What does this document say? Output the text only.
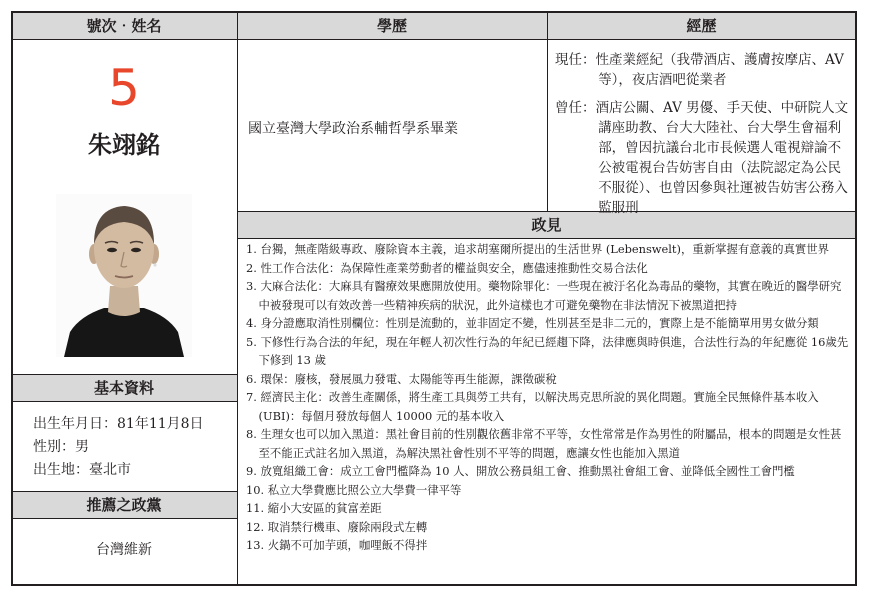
號次‧姓名	學歷	經歷
政見
基本資料
推薦之政黨
5
朱翊銘
出生年月日：81年11月8日
性別：男
出生地：臺北市
台灣維新
國立臺灣大學政治系輔哲學系畢業

現任：性產業經紀（我帶酒店、護膚按摩店、AV 等），夜店酒吧從業者

曾任：酒店公關、AV 男優、手天使、中研院人文講座助教、台大大陸社、台大學生會福利部，曾因抗議台北市長候選人電視辯論不公被電視台告妨害自由（法院認定為公民不服從）、也曾因參與社運被告妨害公務入監服刑

1. 台獨，無產階級專政、廢除資本主義，追求胡塞爾所提出的生活世界 (Lebenswelt)，重新掌握有意義的真實世界
2. 性工作合法化：為保障性產業勞動者的權益與安全，應儘速推動性交易合法化
3. 大麻合法化：大麻具有醫療效果應開放使用。藥物除罪化：一些現在被汙名化為毒品的藥物，其實在晚近的醫學研究中被發現可以有效改善一些精神疾病的狀況，此外這樣也才可避免藥物在非法情況下被黑道把持
4. 身分證應取消性別欄位：性別是流動的，並非固定不變，性別甚至是非二元的，實際上是不能簡單用男女做分類
5. 下修性行為合法的年紀，現在年輕人初次性行為的年紀已經趨下降，法律應與時俱進，合法性行為的年紀應從 16歲先下修到 13 歲
6. 環保：廢核，發展風力發電、太陽能等再生能源，課徵碳稅
7. 經濟民主化：改善生產關係，將生產工具與勞工共有，以解決馬克思所說的異化問題。實施全民無條件基本收入 (UBI)：每個月發放每個人 10000 元的基本收入
8. 生理女也可以加入黑道：黑社會目前的性別觀依舊非常不平等，女性常常是作為男性的附屬品，根本的問題是女性甚至不能正式註名加入黑道，為解決黑社會性別不平等的問題，應讓女性也能加入黑道
9. 放寬組織工會：成立工會門檻降為 10 人、開放公務員組工會、推動黑社會組工會、並降低全國性工會門檻
10. 私立大學費應比照公立大學費一律平等
11. 縮小大安區的貧富差距
12. 取消禁行機車、廢除兩段式左轉
13. 火鍋不可加芋頭，咖哩飯不得拌
